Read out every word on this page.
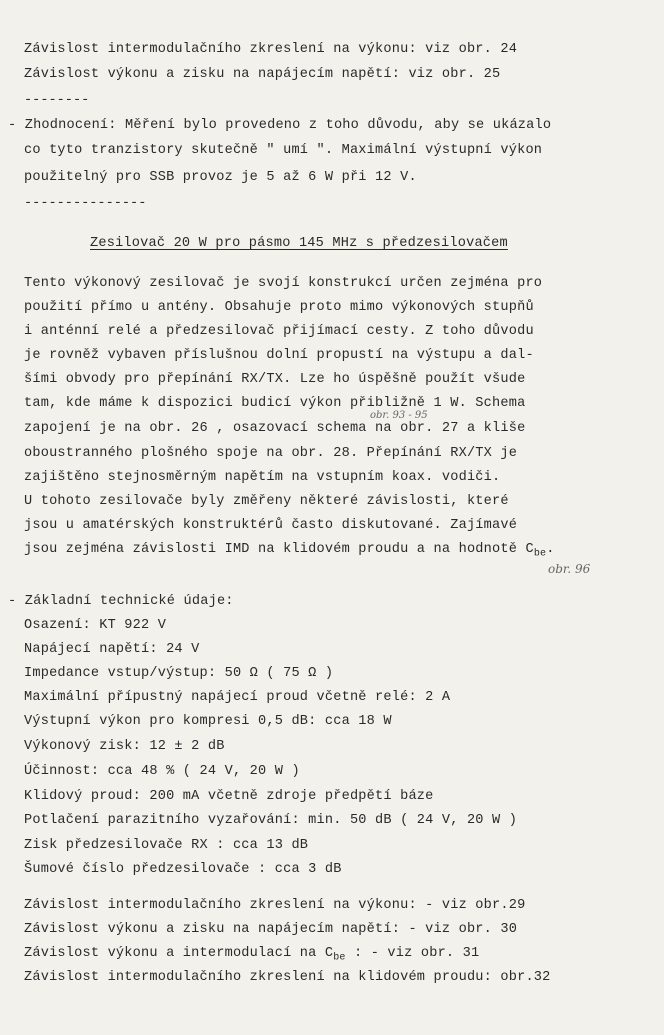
Závislost intermodulačního zkreslení na výkonu: viz obr. 24
Závislost výkonu a zisku na napájecím napětí: viz obr. 25
--------
- Zhodnocení: Měření bylo provedeno z toho důvodu, aby se ukázalo
co tyto tranzistory skutečně " umí ". Maximální výstupní výkon
použitelný pro SSB provoz je 5 až 6 W při 12 V.
---------------
Zesilovač 20 W pro pásmo 145 MHz s předzesilovačem
Tento výkonový zesilovač je svojí konstrukcí určen zejména pro
použití přímo u antény. Obsahuje proto mimo výkonových stupňů
i anténní relé a předzesilovač přijímací cesty. Z toho důvodu
je rovněž vybaven příslušnou dolní propustí na výstupu a dal-
šími obvody pro přepínání RX/TX. Lze ho úspěšně použít všude
tam, kde máme k dispozici budicí výkon přibližně 1 W. Schema
obr. 93 - 95
zapojení je na obr. 26 , osazovací schema na obr. 27 a kliše
oboustranného plošného spoje na obr. 28. Přepínání RX/TX je
zajištěno stejnosměrným napětím na vstupním koax. vodiči.
U tohoto zesilovače byly změřeny některé závislosti, které
jsou u amatérských konstruktérů často diskutované. Zajímavé
jsou zejména závislosti IMD na klidovém proudu a na hodnotě $C_{be}$.
obr. 96
- Základní technické údaje:
Osazení: KT 922 V
Napájecí napětí: 24 V
Impedance vstup/výstup: 50 Ω ( 75 Ω )
Maximální přípustný napájecí proud včetně relé: 2 A
Výstupní výkon pro kompresi 0,5 dB: cca 18 W
Výkonový zisk: 12 ± 2 dB
Účinnost: cca 48 % ( 24 V, 20 W )
Klidový proud: 200 mA včetně zdroje předpětí báze
Potlačení parazitního vyzařování: min. 50 dB ( 24 V, 20 W )
Zisk předzesilovače RX : cca 13 dB
Šumové číslo předzesilovače : cca 3 dB
Závislost intermodulačního zkreslení na výkonu: - viz obr.29
Závislost výkonu a zisku na napájecím napětí: - viz obr. 30
Závislost výkonu a intermodulací na $C_{be}$ : - viz obr. 31
Závislost intermodulačního zkreslení na klidovém proudu: obr.32
